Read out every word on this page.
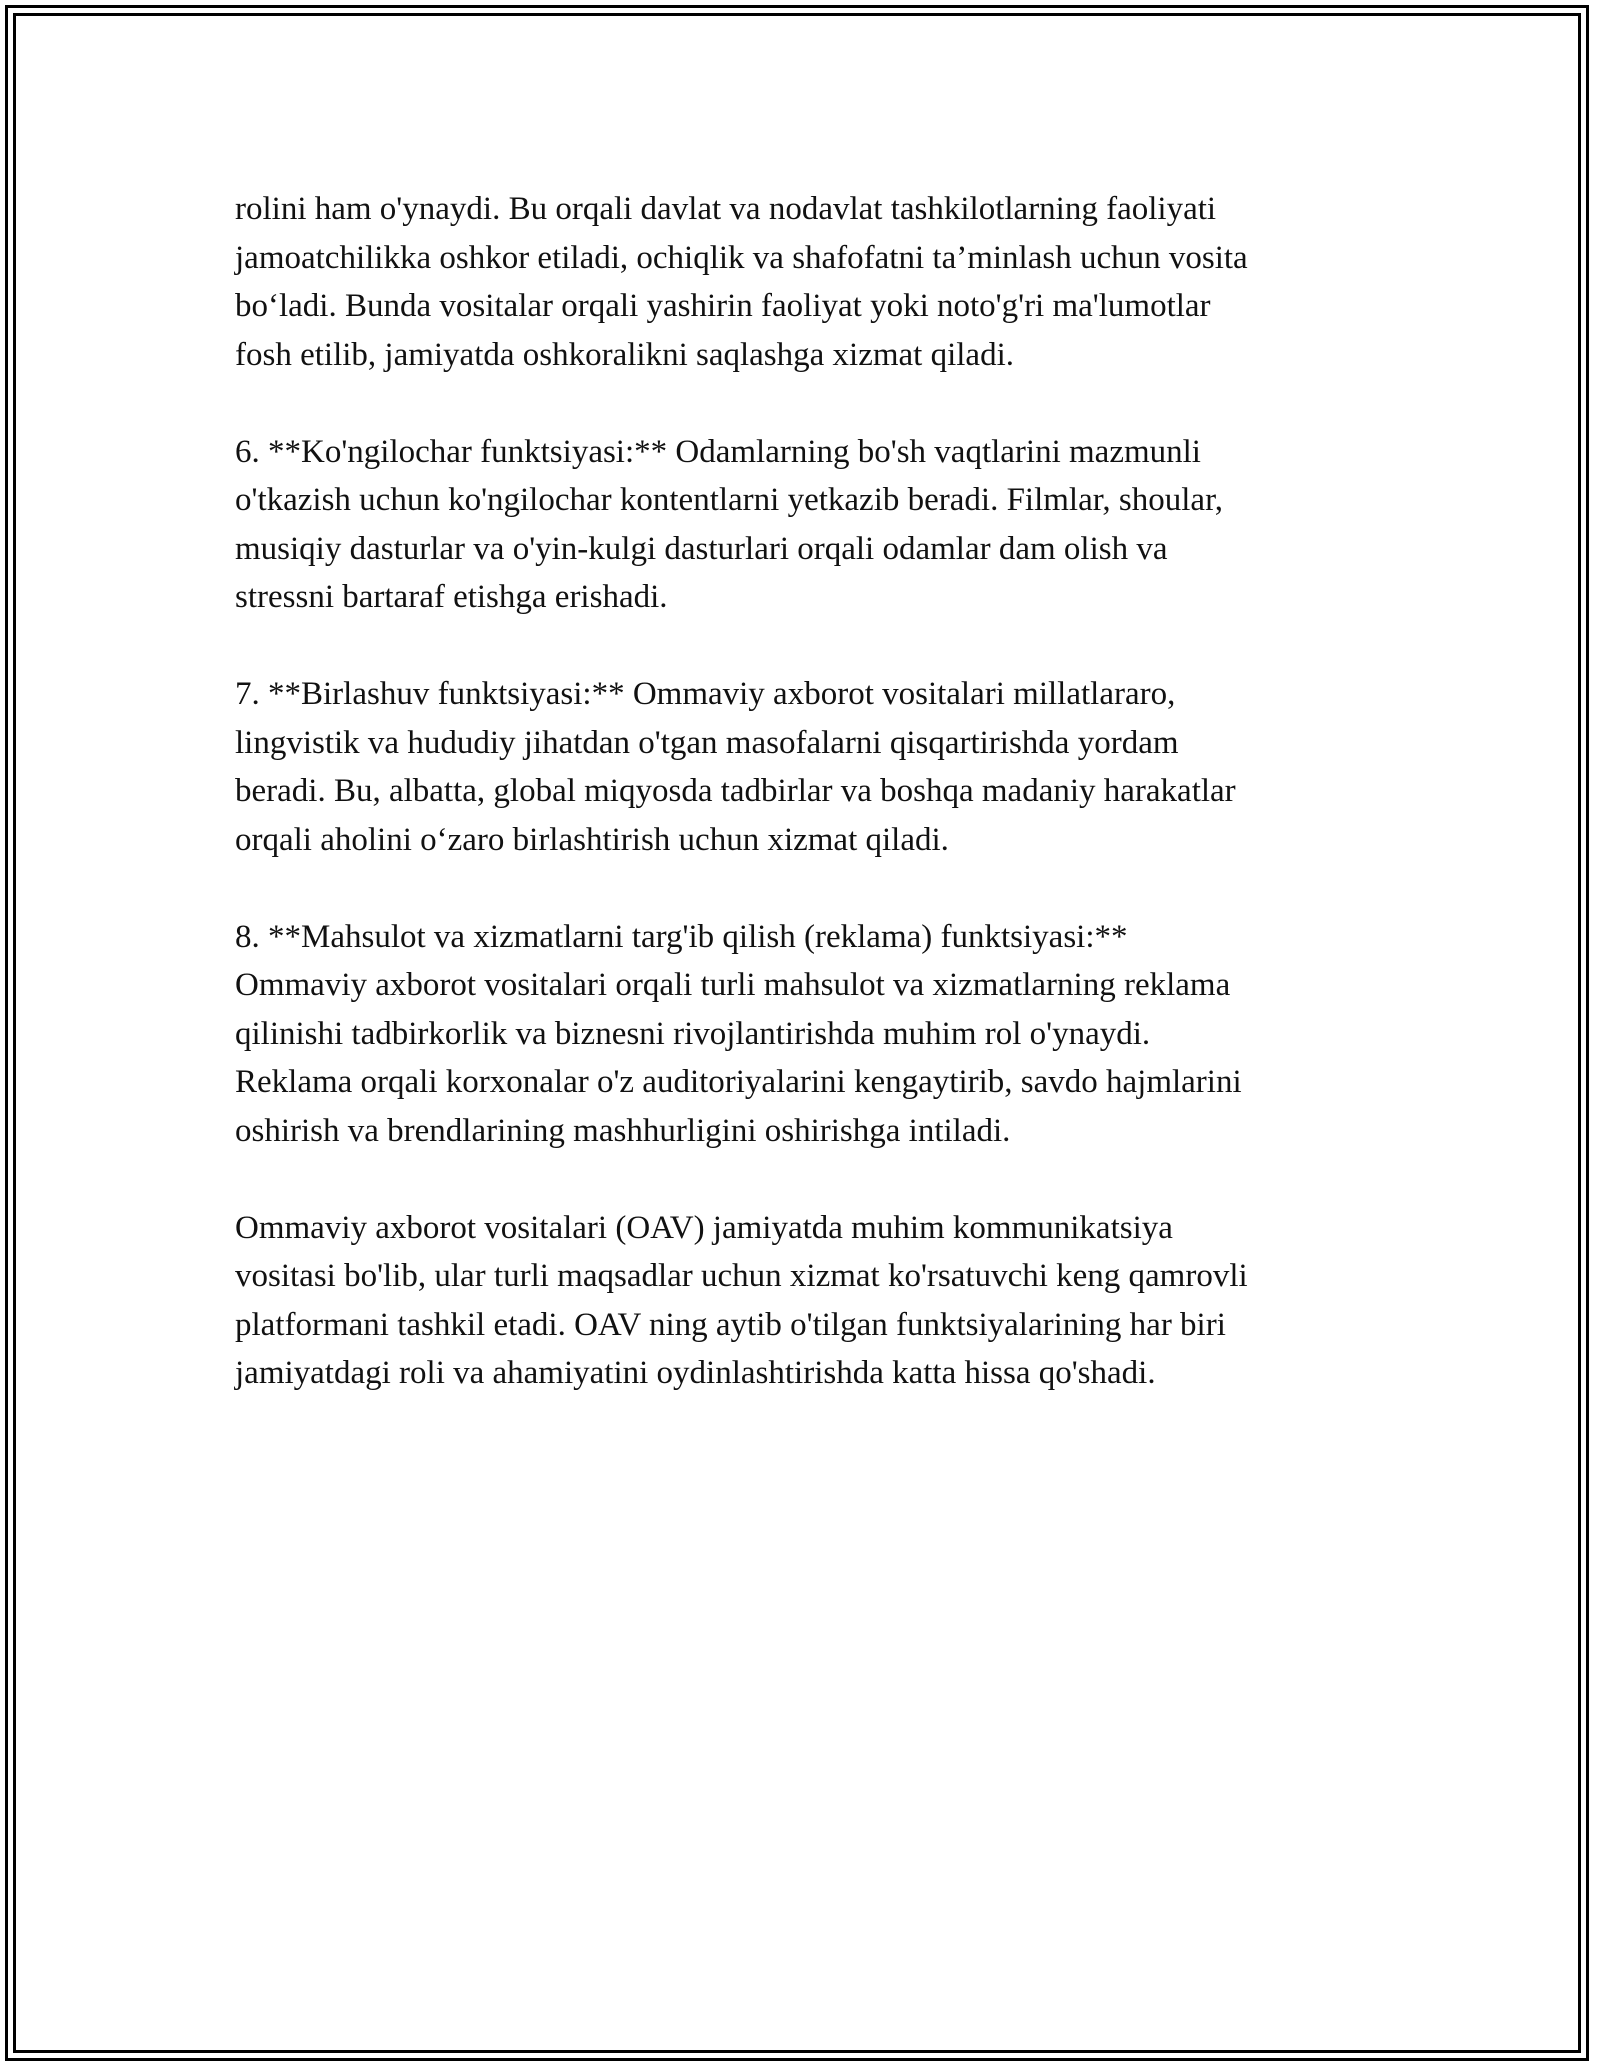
rolini ham o'ynaydi. Bu orqali davlat va nodavlat tashkilotlarning faoliyati
jamoatchilikka oshkor etiladi, ochiqlik va shafofatni ta’minlash uchun vosita
bo‘ladi. Bunda vositalar orqali yashirin faoliyat yoki noto'g'ri ma'lumotlar
fosh etilib, jamiyatda oshkoralikni saqlashga xizmat qiladi.

6. **Ko'ngilochar funktsiyasi:** Odamlarning bo'sh vaqtlarini mazmunli
o'tkazish uchun ko'ngilochar kontentlarni yetkazib beradi. Filmlar, shoular,
musiqiy dasturlar va o'yin-kulgi dasturlari orqali odamlar dam olish va
stressni bartaraf etishga erishadi.

7. **Birlashuv funktsiyasi:** Ommaviy axborot vositalari millatlararo,
lingvistik va hududiy jihatdan o'tgan masofalarni qisqartirishda yordam
beradi. Bu, albatta, global miqyosda tadbirlar va boshqa madaniy harakatlar
orqali aholini o‘zaro birlashtirish uchun xizmat qiladi.

8. **Mahsulot va xizmatlarni targ'ib qilish (reklama) funktsiyasi:**
Ommaviy axborot vositalari orqali turli mahsulot va xizmatlarning reklama
qilinishi tadbirkorlik va biznesni rivojlantirishda muhim rol o'ynaydi.
Reklama orqali korxonalar o'z auditoriyalarini kengaytirib, savdo hajmlarini
oshirish va brendlarining mashhurligini oshirishga intiladi.

Ommaviy axborot vositalari (OAV) jamiyatda muhim kommunikatsiya
vositasi bo'lib, ular turli maqsadlar uchun xizmat ko'rsatuvchi keng qamrovli
platformani tashkil etadi. OAV ning aytib o'tilgan funktsiyalarining har biri
jamiyatdagi roli va ahamiyatini oydinlashtirishda katta hissa qo'shadi.
